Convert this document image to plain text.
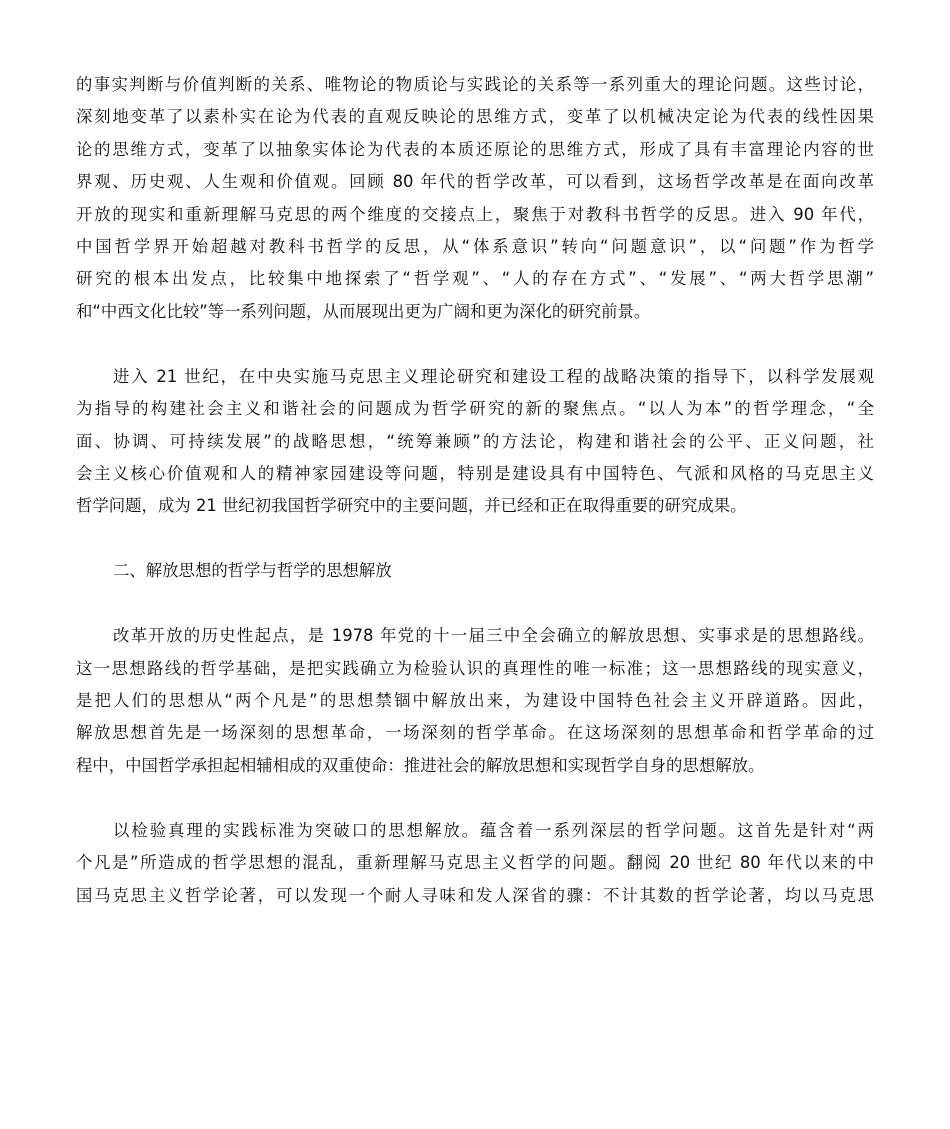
的事实判断与价值判断的关系、唯物论的物质论与实践论的关系等一系列重大的理论问题。这些讨论，
深刻地变革了以素朴实在论为代表的直观反映论的思维方式，变革了以机械决定论为代表的线性因果
论的思维方式，变革了以抽象实体论为代表的本质还原论的思维方式，形成了具有丰富理论内容的世
界观、历史观、人生观和价值观。回顾 80 年代的哲学改革，可以看到，这场哲学改革是在面向改革
开放的现实和重新理解马克思的两个维度的交接点上，聚焦于对教科书哲学的反思。进入 90 年代，
中国哲学界开始超越对教科书哲学的反思，从“体系意识”转向“问题意识”，以“问题”作为哲学
研究的根本出发点，比较集中地探索了“哲学观”、“人的存在方式”、“发展”、“两大哲学思潮”
和“中西文化比较”等一系列问题，从而展现出更为广阔和更为深化的研究前景。
进入 21 世纪，在中央实施马克思主义理论研究和建设工程的战略决策的指导下，以科学发展观
为指导的构建社会主义和谐社会的问题成为哲学研究的新的聚焦点。“以人为本”的哲学理念，“全
面、协调、可持续发展”的战略思想，“统筹兼顾”的方法论，构建和谐社会的公平、正义问题，社
会主义核心价值观和人的精神家园建设等问题，特别是建设具有中国特色、气派和风格的马克思主义
哲学问题，成为 21 世纪初我国哲学研究中的主要问题，并已经和正在取得重要的研究成果。
二、解放思想的哲学与哲学的思想解放
改革开放的历史性起点，是 1978 年党的十一届三中全会确立的解放思想、实事求是的思想路线。
这一思想路线的哲学基础，是把实践确立为检验认识的真理性的唯一标准；这一思想路线的现实意义，
是把人们的思想从“两个凡是”的思想禁锢中解放出来，为建设中国特色社会主义开辟道路。因此，
解放思想首先是一场深刻的思想革命，一场深刻的哲学革命。在这场深刻的思想革命和哲学革命的过
程中，中国哲学承担起相辅相成的双重使命：推进社会的解放思想和实现哲学自身的思想解放。
以检验真理的实践标准为突破口的思想解放。蕴含着一系列深层的哲学问题。这首先是针对“两
个凡是”所造成的哲学思想的混乱，重新理解马克思主义哲学的问题。翻阅 20 世纪 80 年代以来的中
国马克思主义哲学论著，可以发现一个耐人寻味和发人深省的骤：不计其数的哲学论著，均以马克思
